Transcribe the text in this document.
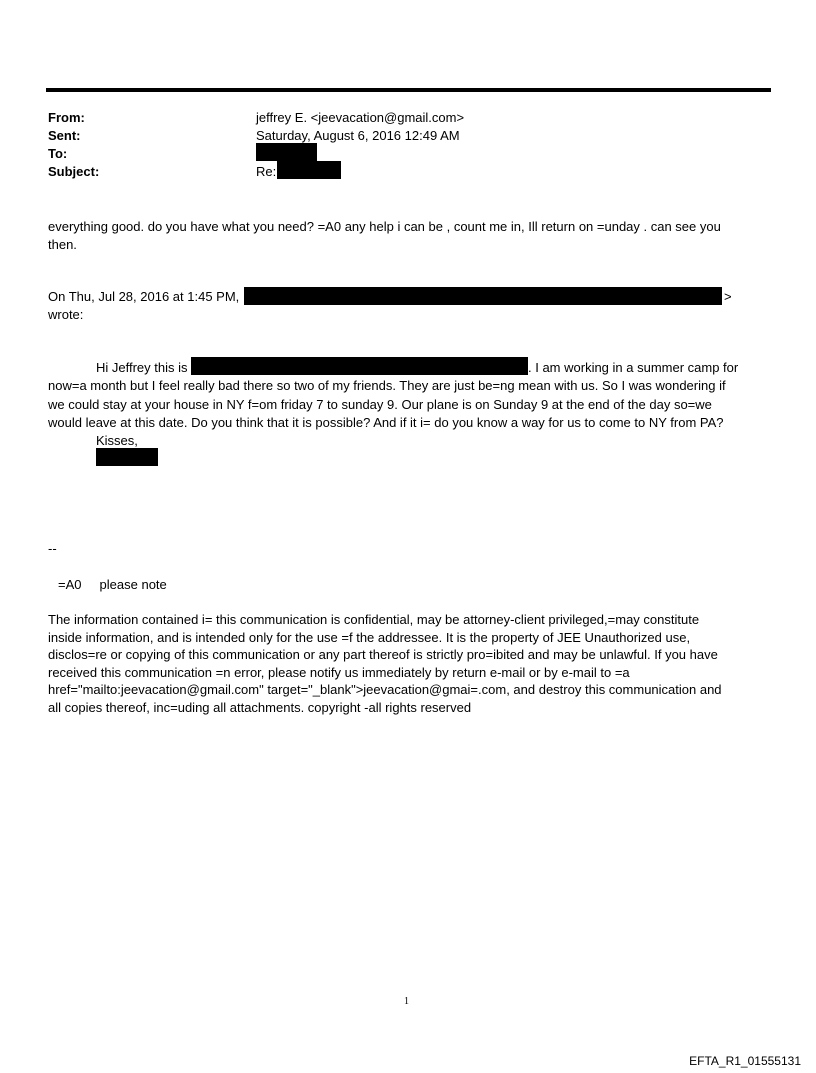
From:	jeffrey E. <jeevacation@gmail.com>
Sent:	Saturday, August 6, 2016 12:49 AM
To:
Subject:	Re:
everything good. do you have what you need? =A0 any help i can be , count me in, Ill return on =unday . can see you
then.
On Thu, Jul 28, 2016 at 1:45 PM,	>
wrote:
Hi Jeffrey this is	. I am working in a summer camp for
now=a month but I feel really bad there so two of my friends. They are just be=ng mean with us. So I was wondering if
we could stay at your house in NY f=om friday 7 to sunday 9. Our plane is on Sunday 9 at the end of the day so=we
would leave at this date. Do you think that it is possible? And if it i= do you know a way for us to come to NY from PA?
Kisses,
--
=A0     please note
The information contained i= this communication is confidential, may be attorney-client privileged,=may constitute
inside information, and is intended only for the use =f the addressee. It is the property of JEE Unauthorized use,
disclos=re or copying of this communication or any part thereof is strictly pro=ibited and may be unlawful. If you have
received this communication =n error, please notify us immediately by return e-mail or by e-mail to =a
href="mailto:jeevacation@gmail.com" target="_blank">jeevacation@gmai=.com, and destroy this communication and
all copies thereof, inc=uding all attachments. copyright -all rights reserved
1
EFTA_R1_01555131
